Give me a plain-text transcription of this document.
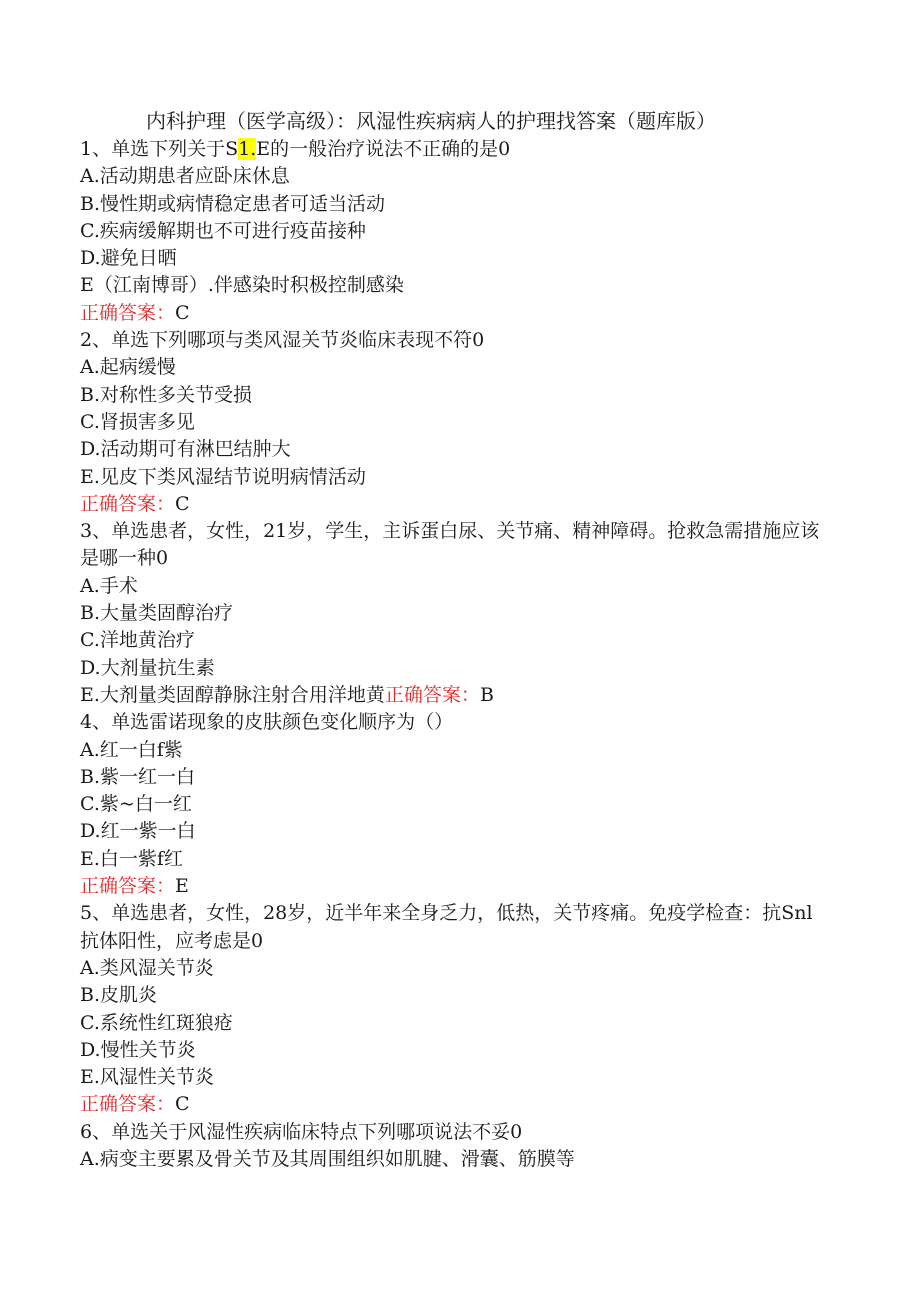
内科护理（医学高级）：风湿性疾病病人的护理找答案（题库版）

1、单选下列关于S1.E的一般治疗说法不正确的是0

A.活动期患者应卧床休息

B.慢性期或病情稳定患者可适当活动

C.疾病缓解期也不可进行疫苗接种

D.避免日晒

E（江南博哥）.伴感染时积极控制感染

正确答案：C

2、单选下列哪项与类风湿关节炎临床表现不符0

A.起病缓慢

B.对称性多关节受损

C.肾损害多见

D.活动期可有淋巴结肿大

E.见皮下类风湿结节说明病情活动

正确答案：C

3、单选患者，女性，21岁，学生，主诉蛋白尿、关节痛、精神障碍。抢救急需措施应该是哪一种0

A.手术

B.大量类固醇治疗

C.洋地黄治疗

D.大剂量抗生素

E.大剂量类固醇静脉注射合用洋地黄正确答案：B

4、单选雷诺现象的皮肤颜色变化顺序为（）

A.红一白f紫

B.紫一红一白

C.紫~白一红

D.红一紫一白

E.白一紫f红

正确答案：E

5、单选患者，女性，28岁，近半年来全身乏力，低热，关节疼痛。免疫学检查：抗Snl抗体阳性，应考虑是0

A.类风湿关节炎

B.皮肌炎

C.系统性红斑狼疮

D.慢性关节炎

E.风湿性关节炎

正确答案：C

6、单选关于风湿性疾病临床特点下列哪项说法不妥0

A.病变主要累及骨关节及其周围组织如肌腱、滑囊、筋膜等
